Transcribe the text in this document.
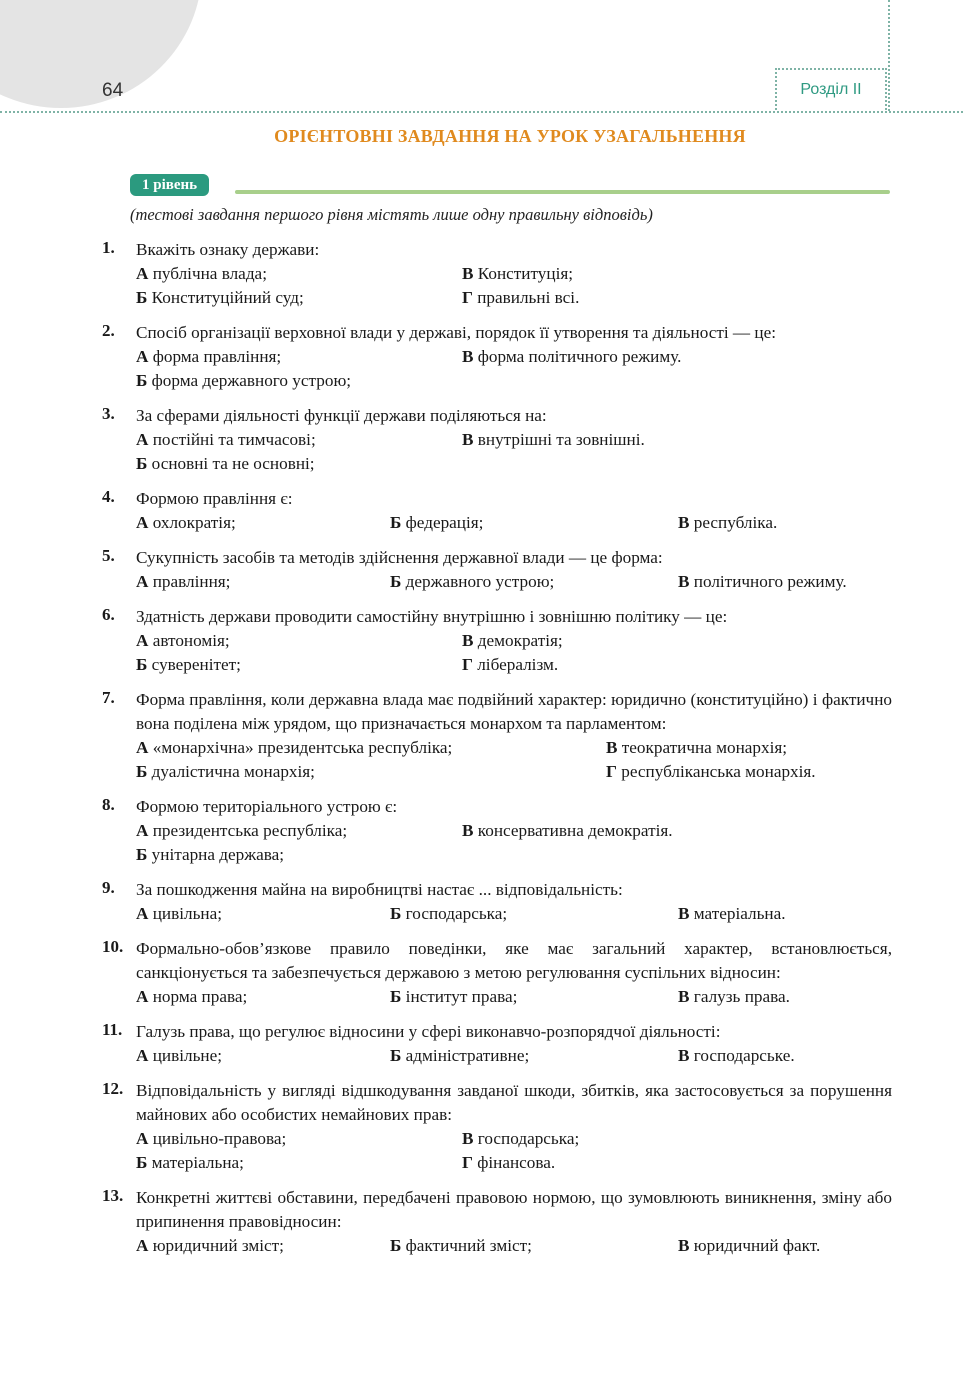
64	Розділ II
ОРІЄНТОВНІ ЗАВДАННЯ НА УРОК УЗАГАЛЬНЕННЯ
1 рівень
(тестові завдання першого рівня містять лише одну правильну відповідь)
1. Вкажіть ознаку держави:
А публічна влада;	В Конституція;
Б Конституційний суд;	Г правильні всі.
2. Спосіб організації верховної влади у державі, порядок її утворення та діяльності — це:
А форма правління;	В форма політичного режиму.
Б форма державного устрою;
3. За сферами діяльності функції держави поділяються на:
А постійні та тимчасові;	В внутрішні та зовнішні.
Б основні та не основні;
4. Формою правління є:
А охлократія;	Б федерація;	В республіка.
5. Сукупність засобів та методів здійснення державної влади — це форма:
А правління;	Б державного устрою;	В політичного режиму.
6. Здатність держави проводити самостійну внутрішню і зовнішню політику — це:
А автономія;	В демократія;
Б суверенітет;	Г лібералізм.
7. Форма правління, коли державна влада має подвійний характер: юридично (конституційно) і фактично вона поділена між урядом, що призначається монархом та парламентом:
А «монархічна» президентська республіка;	В теократична монархія;
Б дуалістична монархія;	Г республіканська монархія.
8. Формою територіального устрою є:
А президентська республіка;	В консервативна демократія.
Б унітарна держава;
9. За пошкодження майна на виробництві настає ... відповідальність:
А цивільна;	Б господарська;	В матеріальна.
10. Формально-обов’язкове правило поведінки, яке має загальний характер, встановлюється, санкціонується та забезпечується державою з метою регулювання суспільних відносин:
А норма права;	Б інститут права;	В галузь права.
11. Галузь права, що регулює відносини у сфері виконавчо-розпорядчої діяльності:
А цивільне;	Б адміністративне;	В господарське.
12. Відповідальність у вигляді відшкодування завданої шкоди, збитків, яка застосовується за порушення майнових або особистих немайнових прав:
А цивільно-правова;	В господарська;
Б матеріальна;	Г фінансова.
13. Конкретні життєві обставини, передбачені правовою нормою, що зумовлюють виникнення, зміну або припинення правовідносин:
А юридичний зміст;	Б фактичний зміст;	В юридичний факт.
